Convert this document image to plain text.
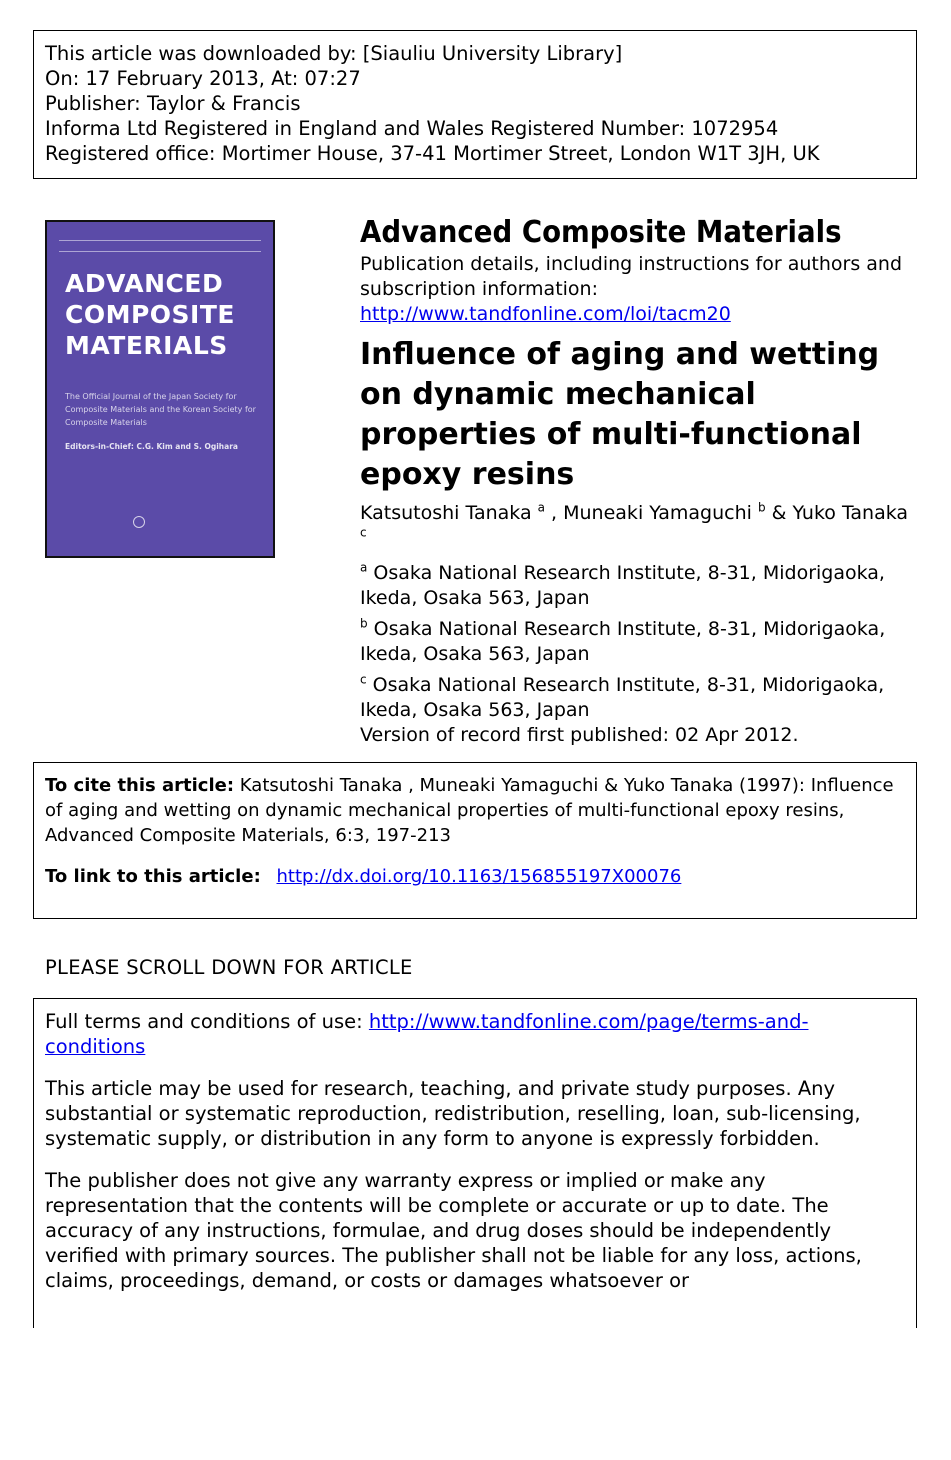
This article was downloaded by: [Siauliu University Library]
On: 17 February 2013, At: 07:27
Publisher: Taylor & Francis
Informa Ltd Registered in England and Wales Registered Number: 1072954
Registered office: Mortimer House, 37-41 Mortimer Street, London W1T 3JH, UK
ADVANCED
COMPOSITE
MATERIALS
The Official Journal of the Japan Society for Composite Materials and the Korean Society for Composite Materials
Editors-in-Chief: C.G. Kim and S. Ogihara
Advanced Composite Materials
Publication details, including instructions for authors and subscription information:
http://www.tandfonline.com/loi/tacm20
Influence of aging and wetting on dynamic mechanical properties of multi-functional epoxy resins
Katsutoshi Tanaka $^a$ , Muneaki Yamaguchi $^b$ & Yuko Tanaka
$^c$
$^a$ Osaka National Research Institute, 8-31, Midorigaoka, Ikeda, Osaka 563, Japan
$^b$ Osaka National Research Institute, 8-31, Midorigaoka, Ikeda, Osaka 563, Japan
$^c$ Osaka National Research Institute, 8-31, Midorigaoka, Ikeda, Osaka 563, Japan
Version of record first published: 02 Apr 2012.
To cite this article: Katsutoshi Tanaka , Muneaki Yamaguchi & Yuko Tanaka (1997): Influence of aging and wetting on dynamic mechanical properties of multi-functional epoxy resins, Advanced Composite Materials, 6:3, 197-213
To link to this article: http://dx.doi.org/10.1163/156855197X00076
PLEASE SCROLL DOWN FOR ARTICLE

Full terms and conditions of use: http://www.tandfonline.com/page/terms-and-conditions

This article may be used for research, teaching, and private study purposes. Any substantial or systematic reproduction, redistribution, reselling, loan, sub-licensing, systematic supply, or distribution in any form to anyone is expressly forbidden.

The publisher does not give any warranty express or implied or make any representation that the contents will be complete or accurate or up to date. The accuracy of any instructions, formulae, and drug doses should be independently verified with primary sources. The publisher shall not be liable for any loss, actions, claims, proceedings, demand, or costs or damages whatsoever or
